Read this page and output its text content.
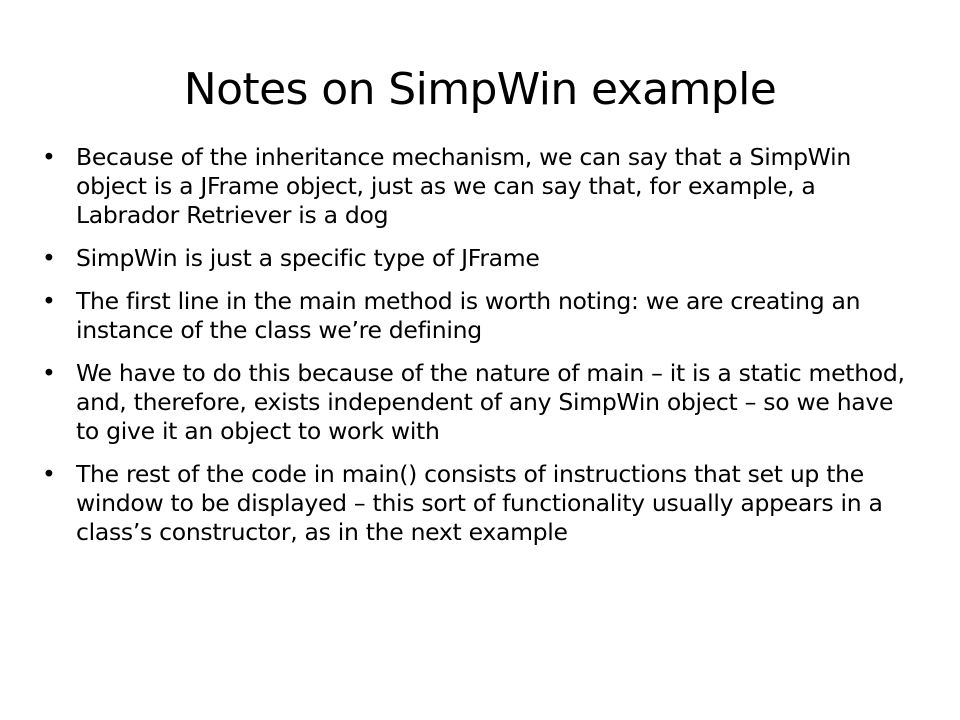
Notes on SimpWin example
• Because of the inheritance mechanism, we can say that a SimpWin object is a JFrame object, just as we can say that, for example, a Labrador Retriever is a dog
• SimpWin is just a specific type of JFrame
• The first line in the main method is worth noting: we are creating an instance of the class we’re defining
• We have to do this because of the nature of main – it is a static method, and, therefore, exists independent of any SimpWin object – so we have to give it an object to work with
• The rest of the code in main() consists of instructions that set up the window to be displayed – this sort of functionality usually appears in a class’s constructor, as in the next example
